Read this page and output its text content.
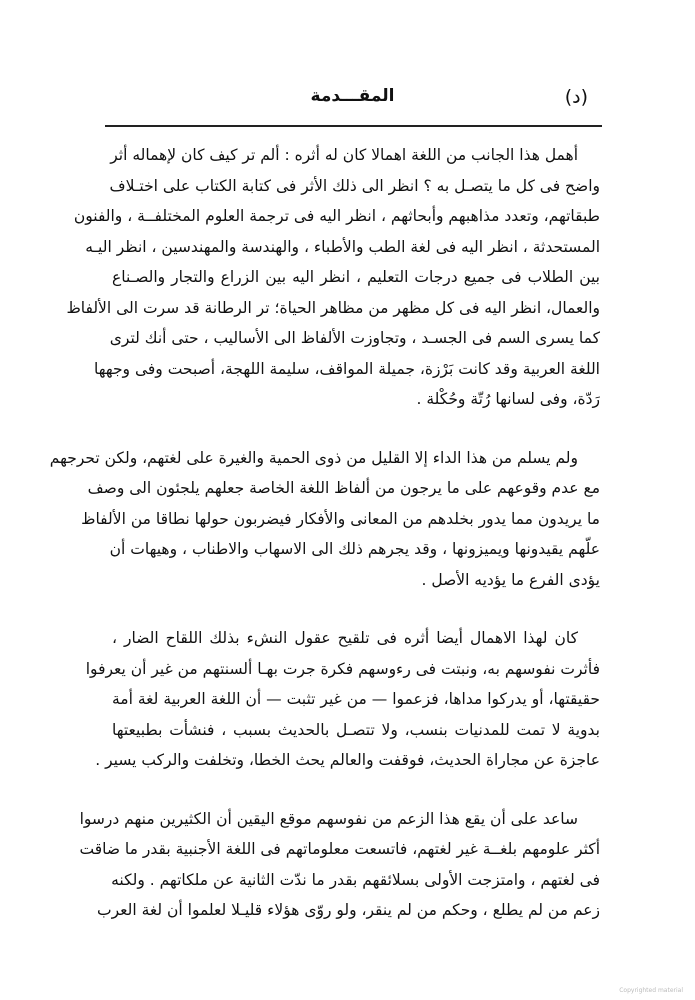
(د)
المقـــدمة
أهمل هذا الجانب من اللغة اهمالا كان له أثره : ألم تر كيف كان لإهماله أثر
واضح فى كل ما يتصـل به ؟ انظر الى ذلك الأثر فى كتابة الكتاب على اختـلاف
طبقاتهم، وتعدد مذاهبهم وأبحاثهم ، انظر اليه فى ترجمة العلوم المختلفــة ، والفنون
المستحدثة ، انظر اليه فى لغة الطب والأطباء ، والهندسة والمهندسين ، انظر اليـه
بين الطلاب فى جميع درجات التعليم ، انظر اليه بين الزراع والتجار والصـناع
والعمال، انظر اليه فى كل مظهر من مظاهر الحياة؛ تر الرطانة قد سرت الى الألفاظ
كما يسرى السم فى الجسـد ، وتجاوزت الألفاظ الى الأساليب ، حتى أنك لترى
اللغة العربية وقد كانت بَرْزة، جميلة المواقف، سليمة اللهجة، أصبحت وفى وجهها
رَدّة، وفى لسانها رُتّة وحُكْلة .
ولم يسلم من هذا الداء إلا القليل من ذوى الحمية والغيرة على لغتهم، ولكن تحرجهم
مع عدم وقوعهم على ما يرجون من ألفاظ اللغة الخاصة جعلهم يلجئون الى وصف
ما يريدون مما يدور بخلدهم من المعانى والأفكار فيضربون حولها نطاقا من الألفاظ
علّهم يقيدونها ويميزونها ، وقد يجرهم ذلك الى الاسهاب والاطناب ، وهيهات أن
يؤدى الفرع ما يؤديه الأصل .
كان لهذا الاهمال أيضا أثره فى تلقيح عقول النشء بذلك اللقاح الضار ،
فأثرت نفوسهم به، ونبتت فى رءوسهم فكرة جرت بهـا ألسنتهم من غير أن يعرفوا
حقيقتها، أو يدركوا مداها، فزعموا — من غير تثبت — أن اللغة العربية لغة أمة
بدوية لا تمت للمدنيات بنسب، ولا تتصـل بالحديث بسبب ، فنشأت بطبيعتها
عاجزة عن مجاراة الحديث، فوقفت والعالم يحث الخطا، وتخلفت والركب يسير .
ساعد على أن يقع هذا الزعم من نفوسهم موقع اليقين أن الكثيرين منهم درسوا
أكثر علومهم بلغــة غير لغتهم، فاتسعت معلوماتهم فى اللغة الأجنبية بقدر ما ضاقت
فى لغتهم ، وامتزجت الأولى بسلائقهم بقدر ما ندّت الثانية عن ملكاتهم . ولكنه
زعم من لم يطلع ، وحكم من لم ينقر، ولو روّى هؤلاء قليـلا لعلموا أن لغة العرب
Copyrighted material
